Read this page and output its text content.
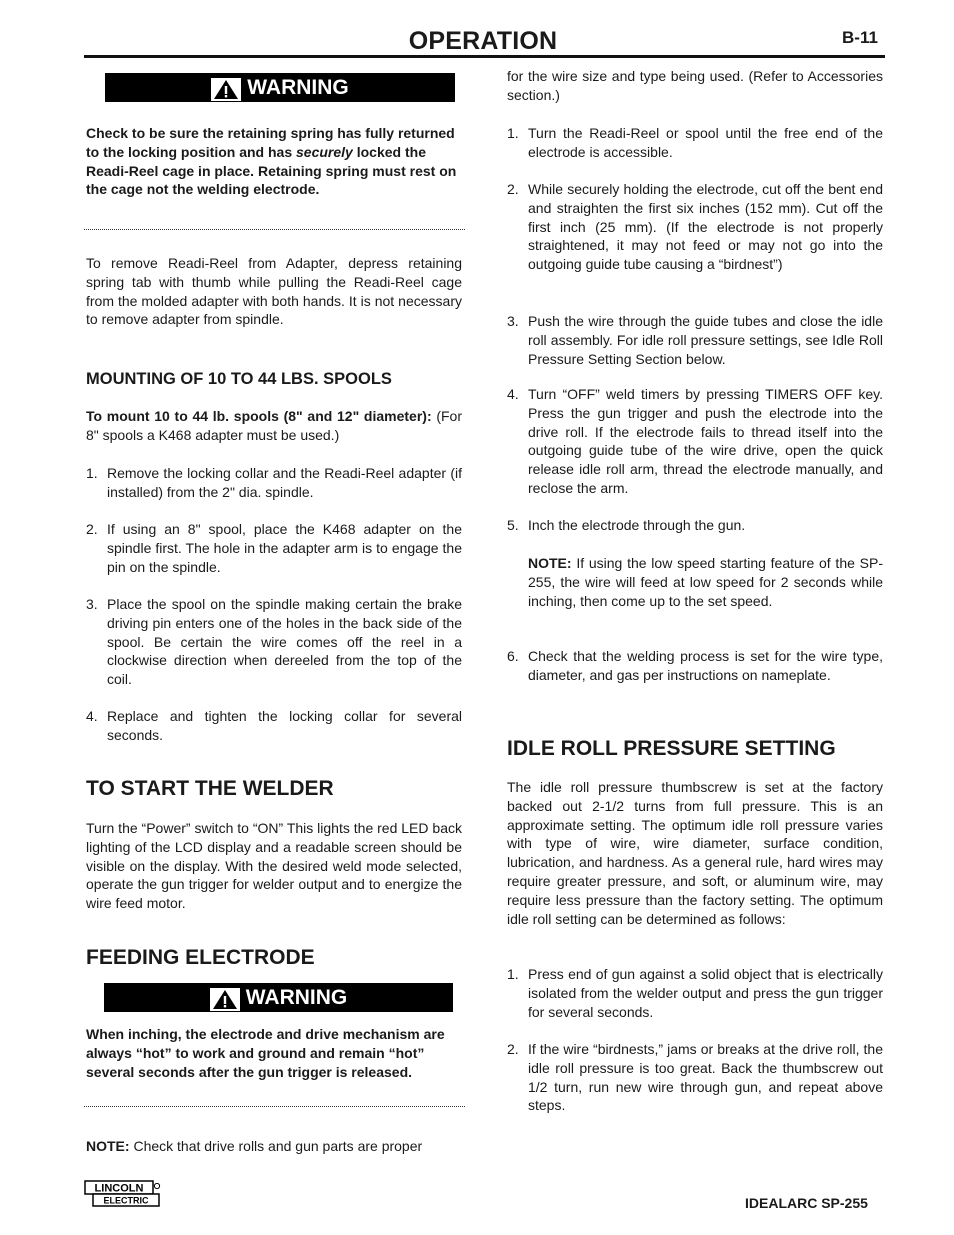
OPERATION	B-11
WARNING
Check to be sure the retaining spring has fully returned to the locking position and has securely locked the Readi-Reel cage in place. Retaining spring must rest on the cage not the welding electrode.
To remove Readi-Reel from Adapter, depress retaining spring tab with thumb while pulling the Readi-Reel cage from the molded adapter with both hands. It is not necessary to remove adapter from spindle.
MOUNTING OF 10 TO 44 LBS. SPOOLS
To mount 10 to 44 lb. spools (8" and 12" diameter): (For 8" spools a K468 adapter must be used.)
1. Remove the locking collar and the Readi-Reel adapter (if installed) from the 2" dia. spindle.
2. If using an 8" spool, place the K468 adapter on the spindle first. The hole in the adapter arm is to engage the pin on the spindle.
3. Place the spool on the spindle making certain the brake driving pin enters one of the holes in the back side of the spool. Be certain the wire comes off the reel in a clockwise direction when dereeled from the top of the coil.
4. Replace and tighten the locking collar for several seconds.
TO START THE WELDER
Turn the “Power” switch to “ON” This lights the red LED back lighting of the LCD display and a readable screen should be visible on the display. With the desired weld mode selected, operate the gun trigger for welder output and to energize the wire feed motor.
FEEDING ELECTRODE
WARNING
When inching, the electrode and drive mechanism are always “hot” to work and ground and remain “hot” several seconds after the gun trigger is released.
NOTE: Check that drive rolls and gun parts are proper
for the wire size and type being used. (Refer to Accessories section.)
1. Turn the Readi-Reel or spool until the free end of the electrode is accessible.
2. While securely holding the electrode, cut off the bent end and straighten the first six inches (152 mm). Cut off the first inch (25 mm). (If the electrode is not properly straightened, it may not feed or may not go into the outgoing guide tube causing a “birdnest”)
3. Push the wire through the guide tubes and close the idle roll assembly. For idle roll pressure settings, see Idle Roll Pressure Setting Section below.
4. Turn “OFF” weld timers by pressing TIMERS OFF key. Press the gun trigger and push the electrode into the drive roll. If the electrode fails to thread itself into the outgoing guide tube of the wire drive, open the quick release idle roll arm, thread the electrode manually, and reclose the arm.
5. Inch the electrode through the gun.
NOTE: If using the low speed starting feature of the SP-255, the wire will feed at low speed for 2 seconds while inching, then come up to the set speed.
6. Check that the welding process is set for the wire type, diameter, and gas per instructions on nameplate.
IDLE ROLL PRESSURE SETTING
The idle roll pressure thumbscrew is set at the factory backed out 2-1/2 turns from full pressure. This is an approximate setting. The optimum idle roll pressure varies with type of wire, wire diameter, surface condition, lubrication, and hardness. As a general rule, hard wires may require greater pressure, and soft, or aluminum wire, may require less pressure than the factory setting. The optimum idle roll setting can be determined as follows:
1. Press end of gun against a solid object that is electrically isolated from the welder output and press the gun trigger for several seconds.
2. If the wire “birdnests,” jams or breaks at the drive roll, the idle roll pressure is too great. Back the thumbscrew out 1/2 turn, run new wire through gun, and repeat above steps.
LINCOLN
ELECTRIC	IDEALARC SP-255
